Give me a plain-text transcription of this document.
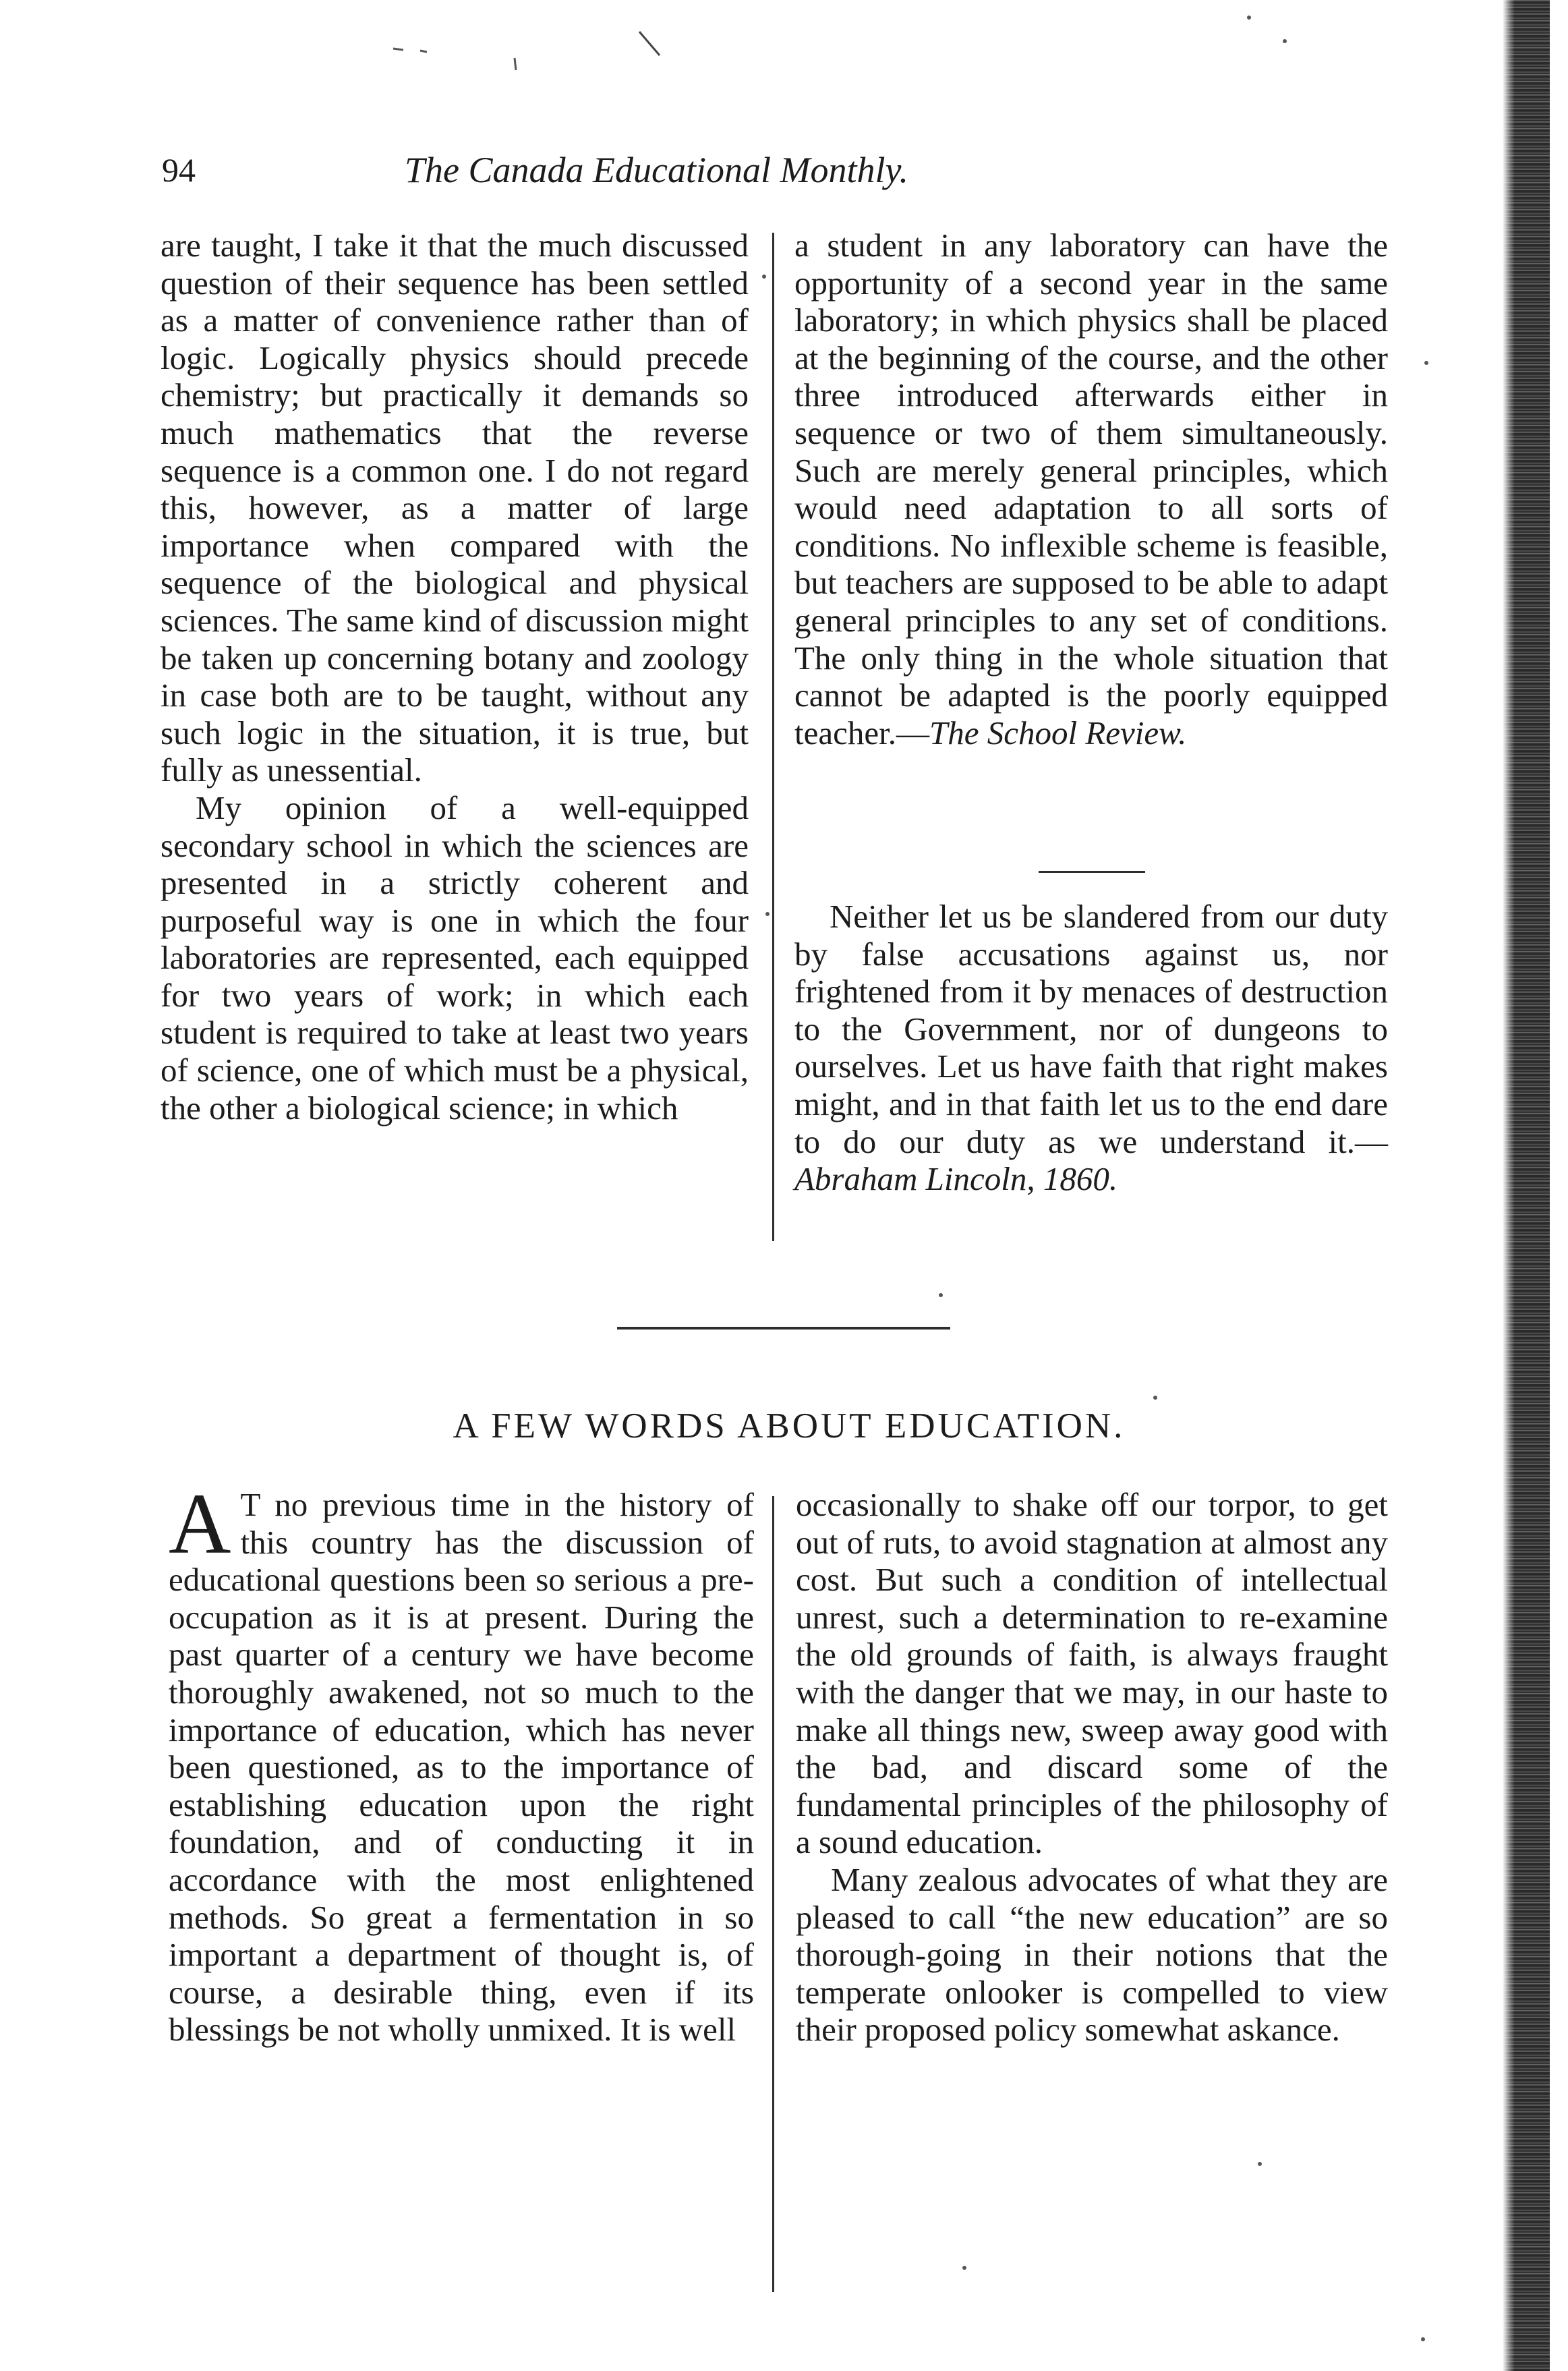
94	The Canada Educational Monthly.

are taught, I take it that the much discussed question of their sequence has been settled as a matter of convenience rather than of logic. Logically physics should precede chemistry; but practically it demands so much mathematics that the reverse sequence is a common one. I do not regard this, however, as a matter of large importance when compared with the sequence of the biological and physical sciences. The same kind of discussion might be taken up concerning botany and zoology in case both are to be taught, without any such logic in the situation, it is true, but fully as unessential.

My opinion of a well-equipped secondary school in which the sciences are presented in a strictly coherent and purposeful way is one in which the four laboratories are represented, each equipped for two years of work; in which each student is required to take at least two years of science, one of which must be a physical, the other a biological science; in which

a student in any laboratory can have the opportunity of a second year in the same laboratory; in which physics shall be placed at the beginning of the course, and the other three introduced afterwards either in sequence or two of them simultaneously. Such are merely general principles, which would need adaptation to all sorts of conditions. No inflexible scheme is feasible, but teachers are supposed to be able to adapt general principles to any set of conditions. The only thing in the whole situation that cannot be adapted is the poorly equipped teacher.—The School Review.

Neither let us be slandered from our duty by false accusations against us, nor frightened from it by menaces of destruction to the Government, nor of dungeons to ourselves. Let us have faith that right makes might, and in that faith let us to the end dare to do our duty as we understand it.—Abraham Lincoln, 1860.

A FEW WORDS ABOUT EDUCATION.

A T no previous time in the history of this country has the discussion of educational questions been so serious a pre-occupation as it is at present. During the past quarter of a century we have become thoroughly awakened, not so much to the importance of education, which has never been questioned, as to the importance of establishing education upon the right foundation, and of conducting it in accordance with the most enlightened methods. So great a fermentation in so important a department of thought is, of course, a desirable thing, even if its blessings be not wholly unmixed. It is well

occasionally to shake off our torpor, to get out of ruts, to avoid stagnation at almost any cost. But such a condition of intellectual unrest, such a determination to re-examine the old grounds of faith, is always fraught with the danger that we may, in our haste to make all things new, sweep away good with the bad, and discard some of the fundamental principles of the philosophy of a sound education.

Many zealous advocates of what they are pleased to call “the new education” are so thorough-going in their notions that the temperate onlooker is compelled to view their proposed policy somewhat askance.
